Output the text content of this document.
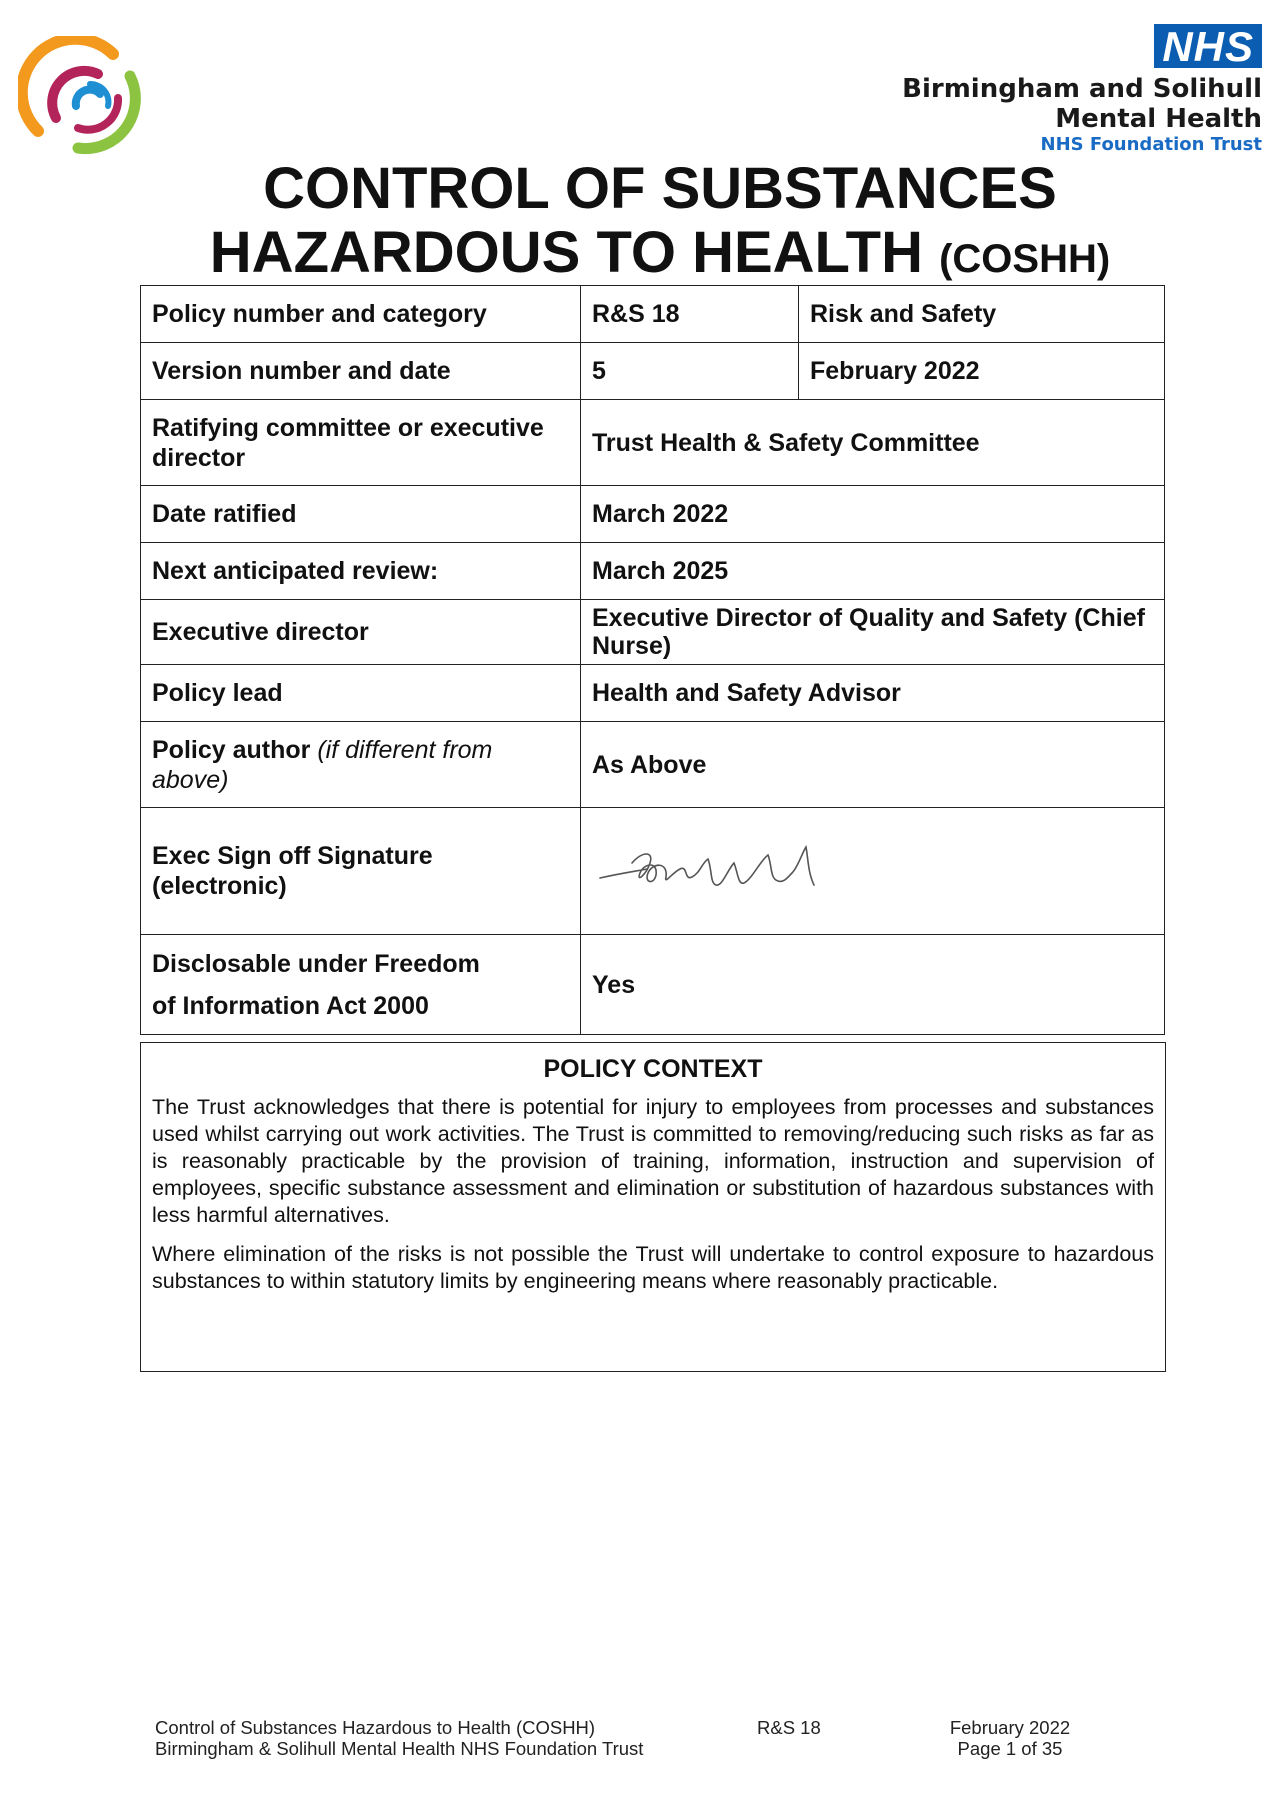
NHS
Birmingham and Solihull
Mental Health
NHS Foundation Trust
CONTROL OF SUBSTANCES
HAZARDOUS TO HEALTH (COSHH)
Policy number and category	R&S 18	Risk and Safety
Version number and date	5	February 2022
Ratifying committee or executive director	Trust Health & Safety Committee	
Date ratified	March 2022	
Next anticipated review:	March 2025	
Executive director	Executive Director of Quality and Safety (Chief Nurse)	
Policy lead	Health and Safety Advisor	
Policy author (if different from above)	As Above	
Exec Sign off Signature (electronic)	
Disclosable under Freedom
of Information Act 2000	Yes	
POLICY CONTEXT

The Trust acknowledges that there is potential for injury to employees from processes and substances used whilst carrying out work activities. The Trust is committed to removing/reducing such risks as far as is reasonably practicable by the provision of training, information, instruction and supervision of employees, specific substance assessment and elimination or substitution of hazardous substances with less harmful alternatives.

Where elimination of the risks is not possible the Trust will undertake to control exposure to hazardous substances to within statutory limits by engineering means where reasonably practicable.

Control of Substances Hazardous to Health (COSHH)
Birmingham & Solihull Mental Health NHS Foundation Trust
R&S 18	February 2022
Page 1 of 35
